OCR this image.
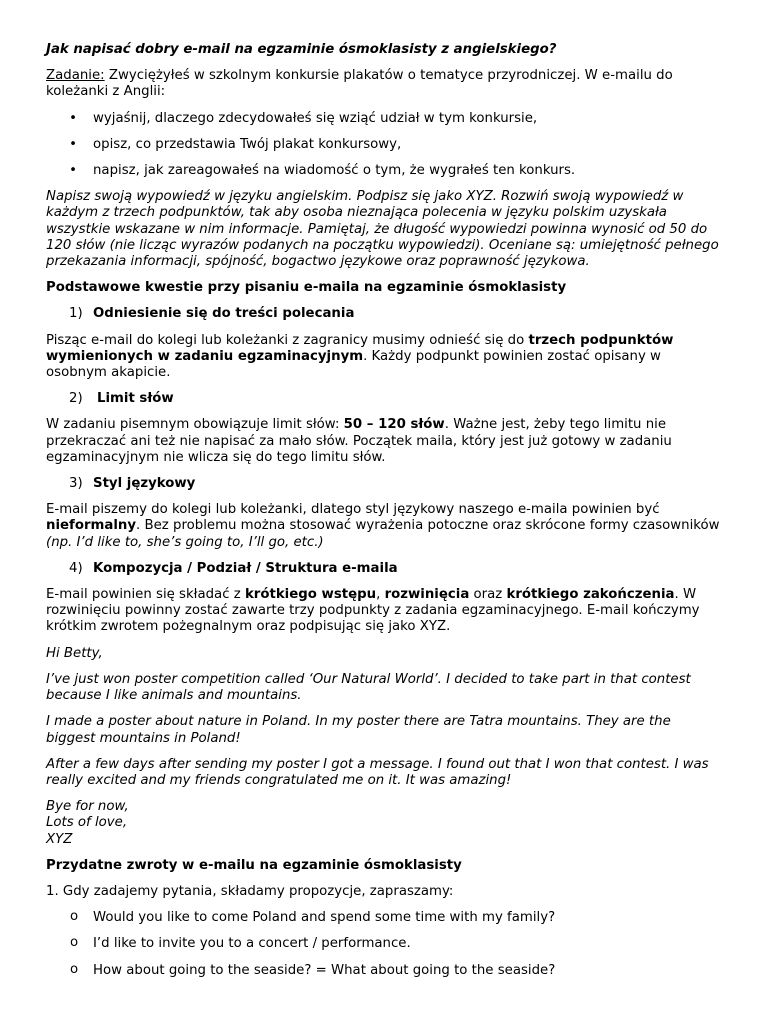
Jak napisać dobry e-mail na egzaminie ósmoklasisty z angielskiego?

Zadanie: Zwyciężyłeś w szkolnym konkursie plakatów o tematyce przyrodniczej. W e-mailu do koleżanki z Anglii:

• wyjaśnij, dlaczego zdecydowałeś się wziąć udział w tym konkursie,
• opisz, co przedstawia Twój plakat konkursowy,
• napisz, jak zareagowałeś na wiadomość o tym, że wygrałeś ten konkurs.

Napisz swoją wypowiedź w języku angielskim. Podpisz się jako XYZ. Rozwiń swoją wypowiedź w każdym z trzech podpunktów, tak aby osoba nieznająca polecenia w języku polskim uzyskała wszystkie wskazane w nim informacje. Pamiętaj, że długość wypowiedzi powinna wynosić od 50 do 120 słów (nie licząc wyrazów podanych na początku wypowiedzi). Oceniane są: umiejętność pełnego przekazania informacji, spójność, bogactwo językowe oraz poprawność językowa.

Podstawowe kwestie przy pisaniu e-maila na egzaminie ósmoklasisty

1) Odniesienie się do treści polecania

Pisząc e-mail do kolegi lub koleżanki z zagranicy musimy odnieść się do trzech podpunktów wymienionych w zadaniu egzaminacyjnym. Każdy podpunkt powinien zostać opisany w osobnym akapicie.

2) Limit słów

W zadaniu pisemnym obowiązuje limit słów: 50 – 120 słów. Ważne jest, żeby tego limitu nie przekraczać ani też nie napisać za mało słów. Początek maila, który jest już gotowy w zadaniu egzaminacyjnym nie wlicza się do tego limitu słów.

3) Styl językowy

E-mail piszemy do kolegi lub koleżanki, dlatego styl językowy naszego e-maila powinien być nieformalny. Bez problemu można stosować wyrażenia potoczne oraz skrócone formy czasowników (np. I’d like to, she’s going to, I’ll go, etc.)

4) Kompozycja / Podział / Struktura e-maila

E-mail powinien się składać z krótkiego wstępu, rozwinięcia oraz krótkiego zakończenia. W rozwinięciu powinny zostać zawarte trzy podpunkty z zadania egzaminacyjnego. E-mail kończymy krótkim zwrotem pożegnalnym oraz podpisując się jako XYZ.

Hi Betty,

I’ve just won poster competition called ‘Our Natural World’. I decided to take part in that contest because I like animals and mountains.

I made a poster about nature in Poland. In my poster there are Tatra mountains. They are the biggest mountains in Poland!

After a few days after sending my poster I got a message. I found out that I won that contest. I was really excited and my friends congratulated me on it. It was amazing!

Bye for now,
Lots of love,
XYZ

Przydatne zwroty w e-mailu na egzaminie ósmoklasisty

1. Gdy zadajemy pytania, składamy propozycje, zapraszamy:

o Would you like to come Poland and spend some time with my family?
o I’d like to invite you to a concert / performance.
o How about going to the seaside? = What about going to the seaside?
